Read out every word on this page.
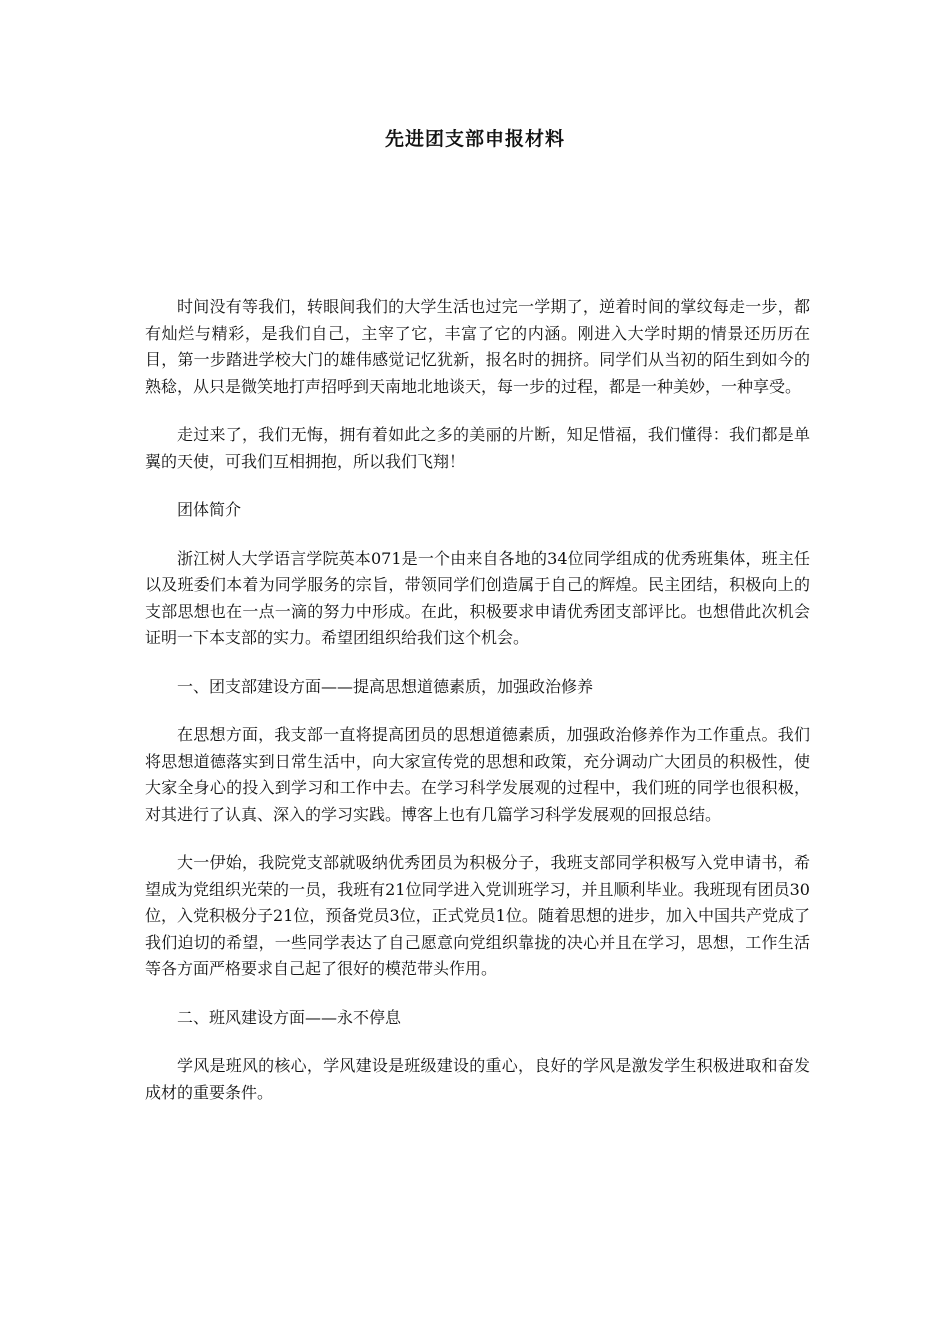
先进团支部申报材料

时间没有等我们，转眼间我们的大学生活也过完一学期了，逆着时间的掌纹每走一步，都有灿烂与精彩，是我们自己，主宰了它，丰富了它的内涵。刚进入大学时期的情景还历历在目，第一步踏进学校大门的雄伟感觉记忆犹新，报名时的拥挤。同学们从当初的陌生到如今的熟稔，从只是微笑地打声招呼到天南地北地谈天，每一步的过程，都是一种美妙，一种享受。

走过来了，我们无悔，拥有着如此之多的美丽的片断，知足惜福，我们懂得：我们都是单翼的天使，可我们互相拥抱，所以我们飞翔！

团体简介

浙江树人大学语言学院英本071是一个由来自各地的34位同学组成的优秀班集体，班主任以及班委们本着为同学服务的宗旨，带领同学们创造属于自己的辉煌。民主团结，积极向上的支部思想也在一点一滴的努力中形成。在此，积极要求申请优秀团支部评比。也想借此次机会证明一下本支部的实力。希望团组织给我们这个机会。

一、团支部建设方面——提高思想道德素质，加强政治修养

在思想方面，我支部一直将提高团员的思想道德素质，加强政治修养作为工作重点。我们将思想道德落实到日常生活中，向大家宣传党的思想和政策，充分调动广大团员的积极性，使大家全身心的投入到学习和工作中去。在学习科学发展观的过程中，我们班的同学也很积极，对其进行了认真、深入的学习实践。博客上也有几篇学习科学发展观的回报总结。

大一伊始，我院党支部就吸纳优秀团员为积极分子，我班支部同学积极写入党申请书，希望成为党组织光荣的一员，我班有21位同学进入党训班学习，并且顺利毕业。我班现有团员30位，入党积极分子21位，预备党员3位，正式党员1位。随着思想的进步，加入中国共产党成了我们迫切的希望，一些同学表达了自己愿意向党组织靠拢的决心并且在学习，思想，工作生活等各方面严格要求自己起了很好的模范带头作用。

二、班风建设方面——永不停息

学风是班风的核心，学风建设是班级建设的重心，良好的学风是激发学生积极进取和奋发成材的重要条件。
